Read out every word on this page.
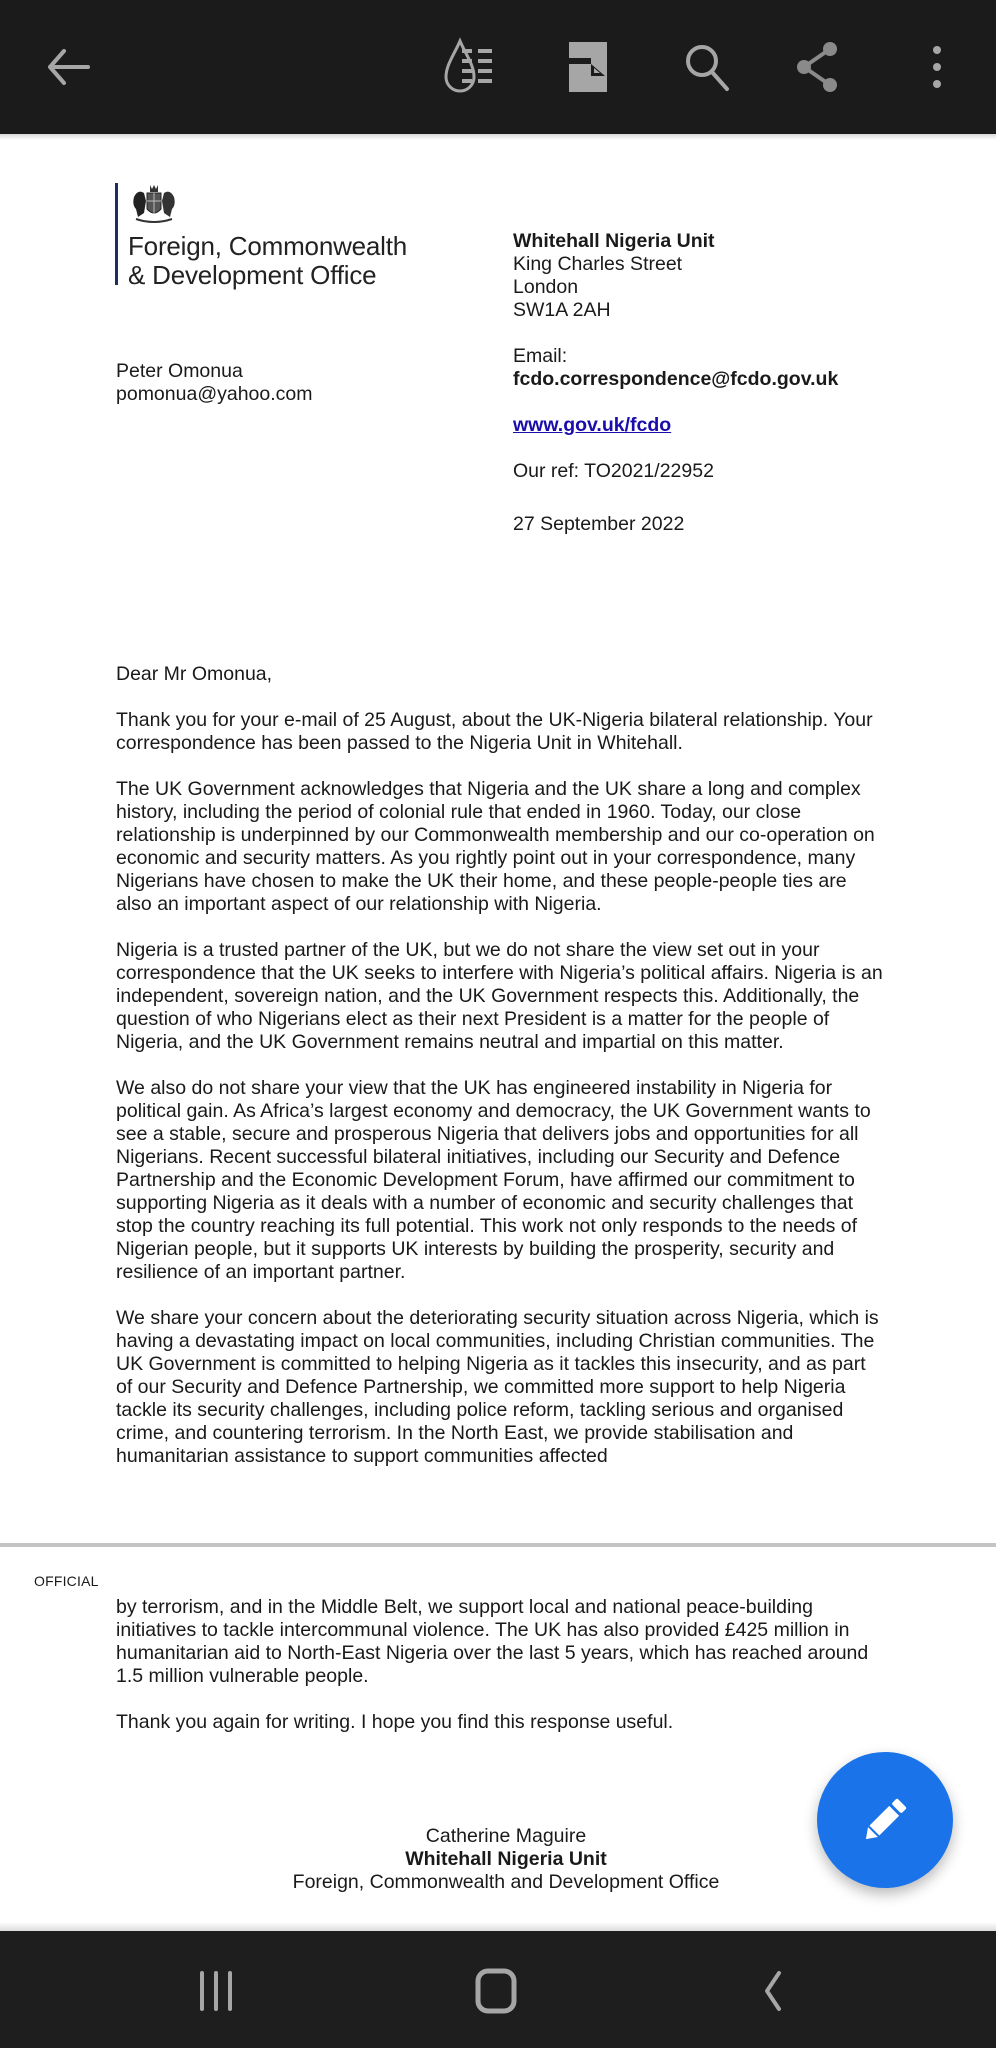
Foreign, Commonwealth
& Development Office
Peter Omonua
pomonua@yahoo.com
Whitehall Nigeria Unit
King Charles Street
London
SW1A 2AH
Email:
fcdo.correspondence@fcdo.gov.uk
www.gov.uk/fcdo
Our ref: TO2021/22952
27 September 2022

Dear Mr Omonua,

Thank you for your e-mail of 25 August, about the UK-Nigeria bilateral relationship. Your correspondence has been passed to the Nigeria Unit in Whitehall.

The UK Government acknowledges that Nigeria and the UK share a long and complex history, including the period of colonial rule that ended in 1960. Today, our close relationship is underpinned by our Commonwealth membership and our co-operation on economic and security matters. As you rightly point out in your correspondence, many Nigerians have chosen to make the UK their home, and these people-people ties are also an important aspect of our relationship with Nigeria.

Nigeria is a trusted partner of the UK, but we do not share the view set out in your correspondence that the UK seeks to interfere with Nigeria’s political affairs. Nigeria is an independent, sovereign nation, and the UK Government respects this. Additionally, the question of who Nigerians elect as their next President is a matter for the people of Nigeria, and the UK Government remains neutral and impartial on this matter.

We also do not share your view that the UK has engineered instability in Nigeria for political gain. As Africa’s largest economy and democracy, the UK Government wants to see a stable, secure and prosperous Nigeria that delivers jobs and opportunities for all Nigerians. Recent successful bilateral initiatives, including our Security and Defence Partnership and the Economic Development Forum, have affirmed our commitment to supporting Nigeria as it deals with a number of economic and security challenges that stop the country reaching its full potential. This work not only responds to the needs of Nigerian people, but it supports UK interests by building the prosperity, security and resilience of an important partner.

We share your concern about the deteriorating security situation across Nigeria, which is having a devastating impact on local communities, including Christian communities. The UK Government is committed to helping Nigeria as it tackles this insecurity, and as part of our Security and Defence Partnership, we committed more support to help Nigeria tackle its security challenges, including police reform, tackling serious and organised crime, and countering terrorism. In the North East, we provide stabilisation and humanitarian assistance to support communities affected

OFFICIAL

by terrorism, and in the Middle Belt, we support local and national peace-building initiatives to tackle intercommunal violence. The UK has also provided £425 million in humanitarian aid to North-East Nigeria over the last 5 years, which has reached around 1.5 million vulnerable people.

Thank you again for writing. I hope you find this response useful.

Catherine Maguire
Whitehall Nigeria Unit
Foreign, Commonwealth and Development Office
